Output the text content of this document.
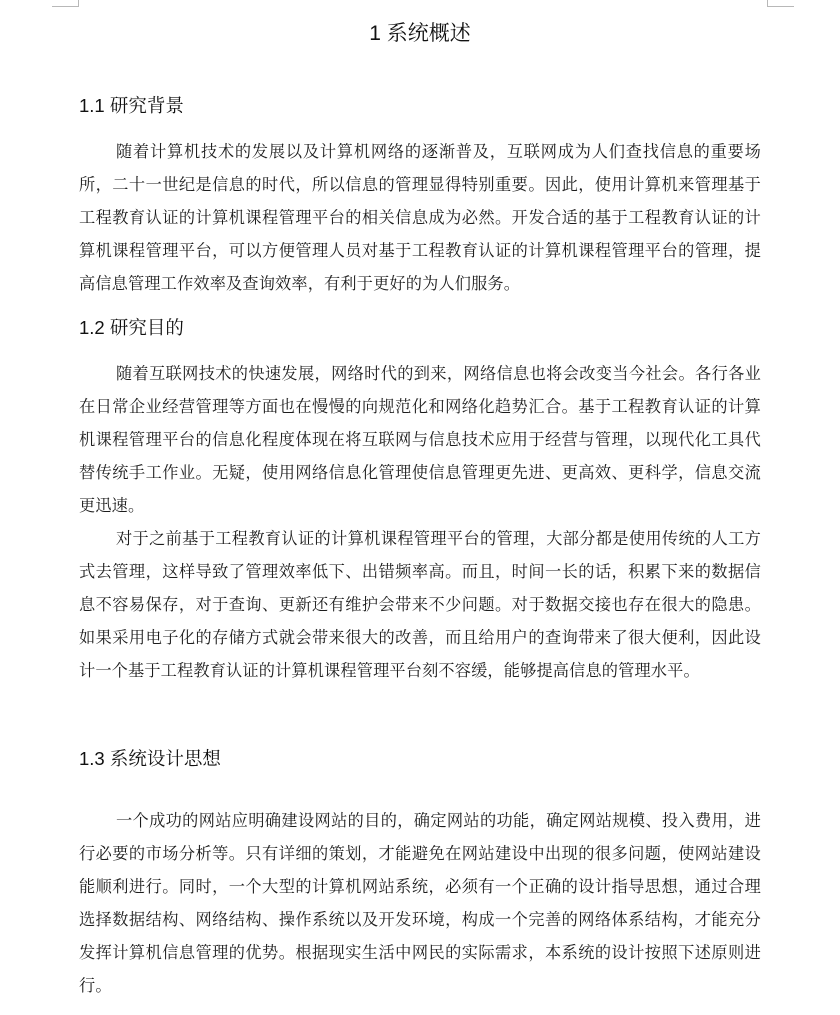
1 系统概述
1.1 研究背景

随着计算机技术的发展以及计算机网络的逐渐普及，互联网成为人们查找信息的重要场所，二十一世纪是信息的时代，所以信息的管理显得特别重要。因此，使用计算机来管理基于工程教育认证的计算机课程管理平台的相关信息成为必然。开发合适的基于工程教育认证的计算机课程管理平台，可以方便管理人员对基于工程教育认证的计算机课程管理平台的管理，提高信息管理工作效率及查询效率，有利于更好的为人们服务。

1.2 研究目的

随着互联网技术的快速发展，网络时代的到来，网络信息也将会改变当今社会。各行各业在日常企业经营管理等方面也在慢慢的向规范化和网络化趋势汇合。基于工程教育认证的计算机课程管理平台的信息化程度体现在将互联网与信息技术应用于经营与管理，以现代化工具代替传统手工作业。无疑，使用网络信息化管理使信息管理更先进、更高效、更科学，信息交流更迅速。

对于之前基于工程教育认证的计算机课程管理平台的管理，大部分都是使用传统的人工方式去管理，这样导致了管理效率低下、出错频率高。而且，时间一长的话，积累下来的数据信息不容易保存，对于查询、更新还有维护会带来不少问题。对于数据交接也存在很大的隐患。如果采用电子化的存储方式就会带来很大的改善，而且给用户的查询带来了很大便利，因此设计一个基于工程教育认证的计算机课程管理平台刻不容缓，能够提高信息的管理水平。

1.3 系统设计思想

一个成功的网站应明确建设网站的目的，确定网站的功能，确定网站规模、投入费用，进行必要的市场分析等。只有详细的策划，才能避免在网站建设中出现的很多问题，使网站建设能顺利进行。同时，一个大型的计算机网站系统，必须有一个正确的设计指导思想，通过合理选择数据结构、网络结构、操作系统以及开发环境，构成一个完善的网络体系结构，才能充分发挥计算机信息管理的优势。根据现实生活中网民的实际需求，本系统的设计按照下述原则进行。
